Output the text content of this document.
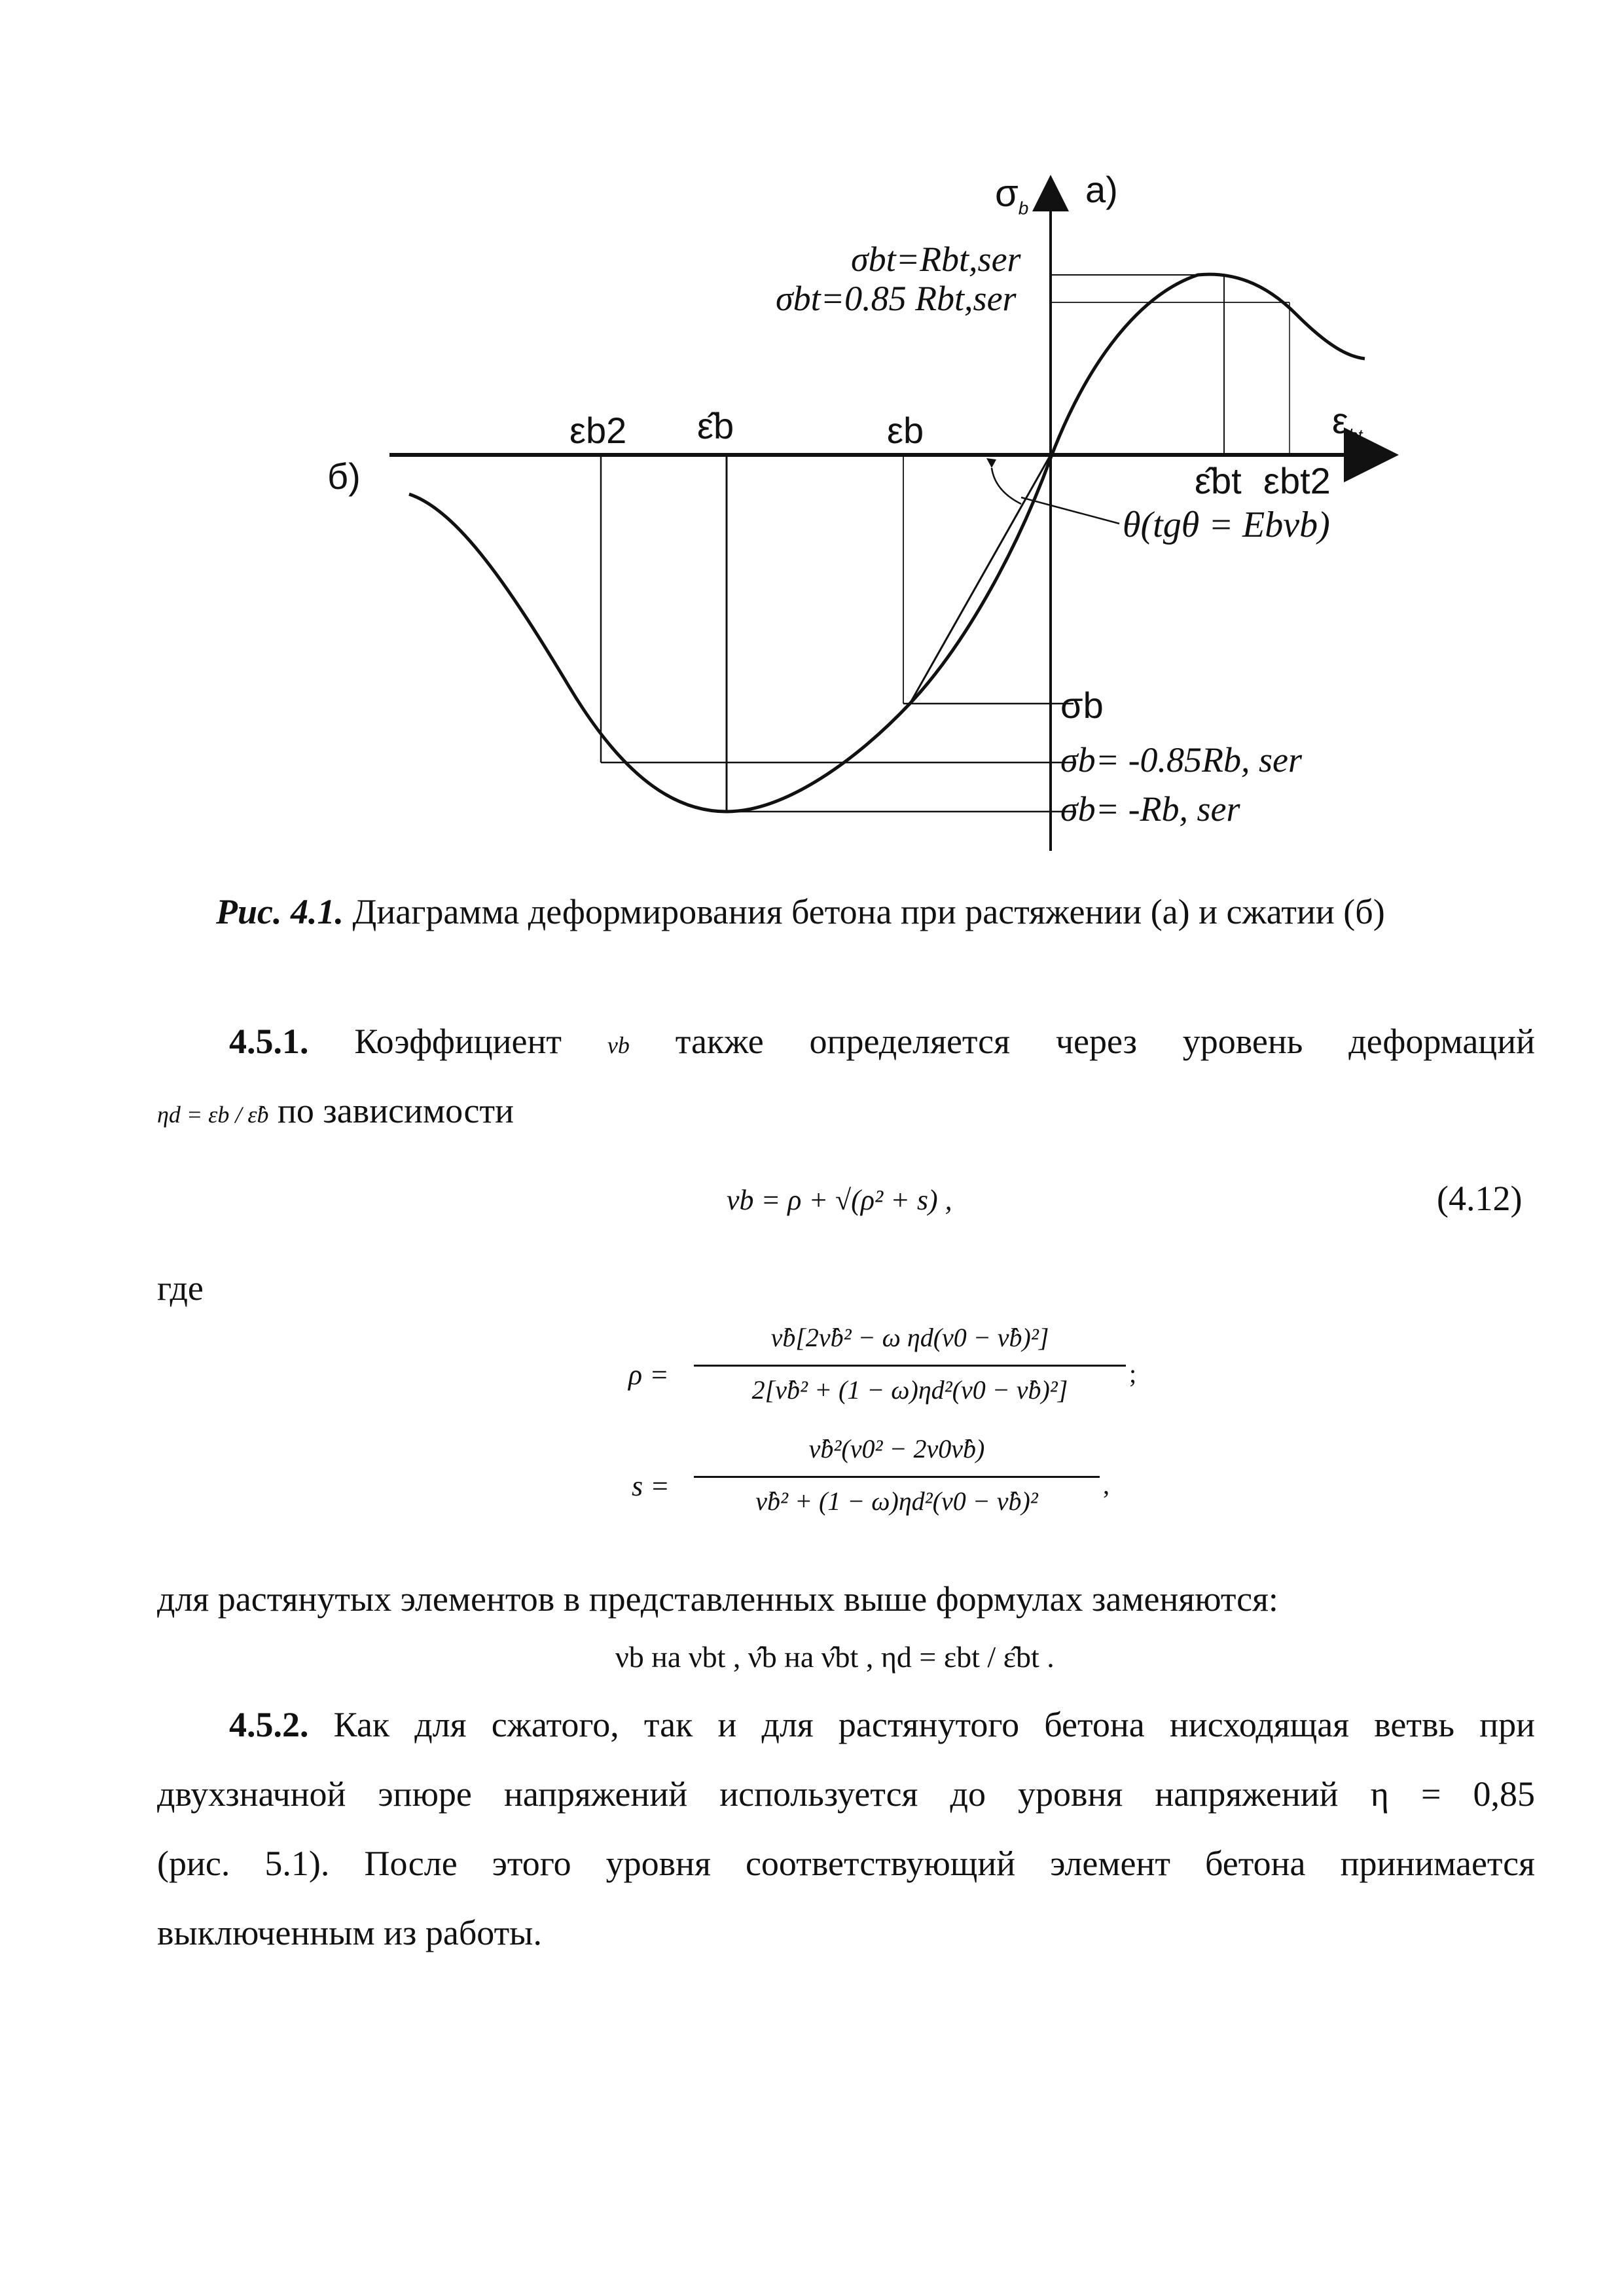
а)
б)
$\sigma_b$
$\varepsilon_{bt}$
σbt=Rbt,ser
σbt=0.85 Rbt,ser
εb2 ε̂b	εb
ε̂bt εbt2
θ(tgθ = Ebνb)
σb
σb= -0.85Rb, ser
σb= -Rb, ser
Рис. 4.1. Диаграмма деформирования бетона при растяжении (а) и сжатии (б)
4.5.1. Коэффициент νb также определяется через уровень деформаций
ηd = εb / ε̂b по зависимости
νb = ρ + √(ρ² + s) ,	(4.12)
где
ρ =
ν̂b[2ν̂b² − ω ηd(ν0 − ν̂b)²]
2[ν̂b² + (1 − ω)ηd²(ν0 − ν̂b)²]
;
s =
ν̂b²(ν0² − 2ν0ν̂b)
ν̂b² + (1 − ω)ηd²(ν0 − ν̂b)²
,
для растянутых элементов в представленных выше формулах заменяются:
νb на νbt , ν̂b на ν̂bt , ηd = εbt / ε̂bt .
4.5.2. Как для сжатого, так и для растянутого бетона нисходящая ветвь при
двухзначной эпюре напряжений используется до уровня напряжений η = 0,85
(рис. 5.1). После этого уровня соответствующий элемент бетона принимается
выключенным из работы.
